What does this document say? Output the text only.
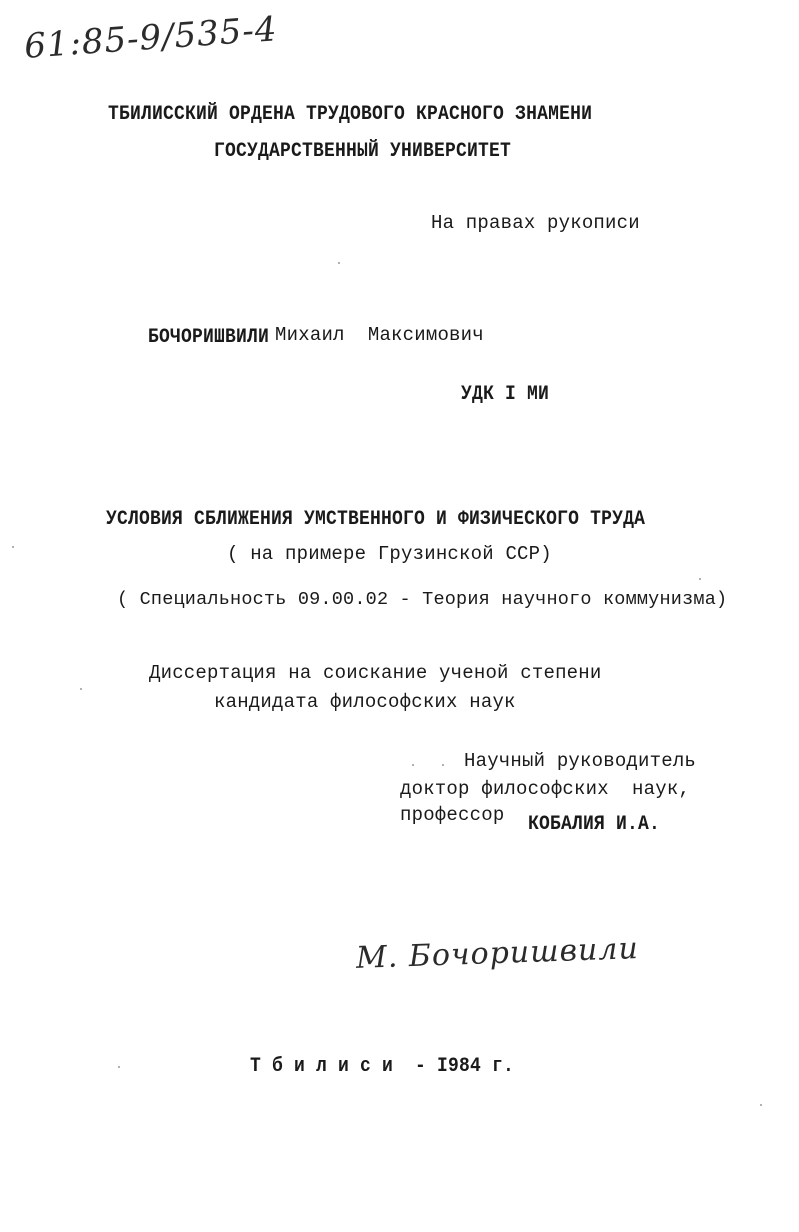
61:85-9/535-4
ТБИЛИССКИЙ ОРДЕНА ТРУДОВОГО КРАСНОГО ЗНАМЕНИ
ГОСУДАРСТВЕННЫЙ УНИВЕРСИТЕТ
На правах рукописи
БОЧОРИШВИЛИ Михаил  Максимович
УДК I МИ
УСЛОВИЯ СБЛИЖЕНИЯ УМСТВЕННОГО И ФИЗИЧЕСКОГО ТРУДА
( на примере Грузинской ССР)
( Специальность 09.00.02 - Теория научного коммунизма)
Диссертация на соискание ученой степени
кандидата философских наук
Научный руководитель
доктор философских  наук,
профессор КОБАЛИЯ И.А.
М. Бочоришвили
Т б и л и с и  - I984 г.
